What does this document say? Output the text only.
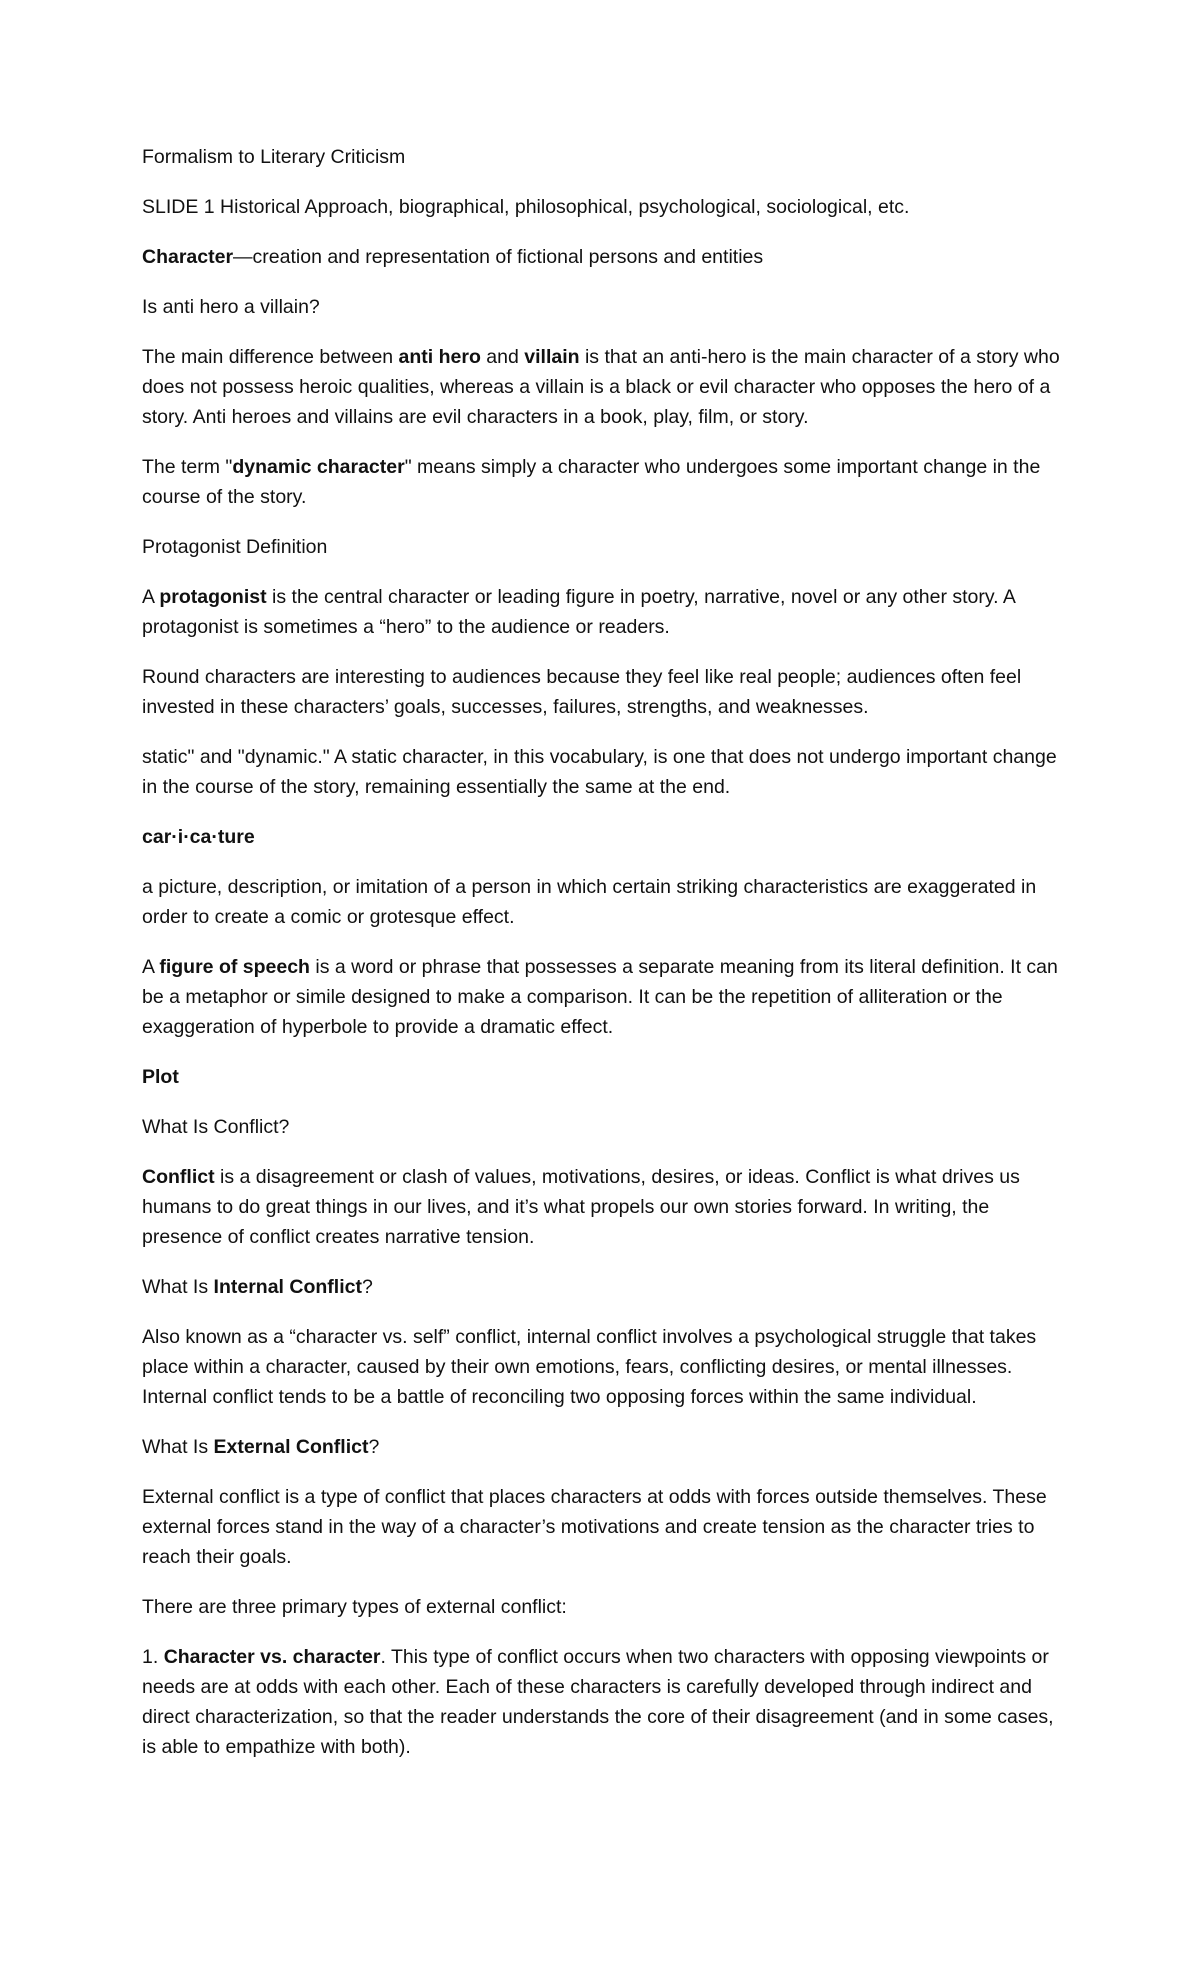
Formalism to Literary Criticism

SLIDE 1 Historical Approach, biographical, philosophical, psychological, sociological, etc.

Character—creation and representation of fictional persons and entities

Is anti hero a villain?

The main difference between anti hero and villain is that an anti-hero is the main character of a story who does not possess heroic qualities, whereas a villain is a black or evil character who opposes the hero of a story. Anti heroes and villains are evil characters in a book, play, film, or story.

The term "dynamic character" means simply a character who undergoes some important change in the course of the story.

Protagonist Definition

A protagonist is the central character or leading figure in poetry, narrative, novel or any other story. A protagonist is sometimes a “hero” to the audience or readers.

Round characters are interesting to audiences because they feel like real people; audiences often feel invested in these characters’ goals, successes, failures, strengths, and weaknesses.

static" and "dynamic." A static character, in this vocabulary, is one that does not undergo important change in the course of the story, remaining essentially the same at the end.

car·i·ca·ture

a picture, description, or imitation of a person in which certain striking characteristics are exaggerated in order to create a comic or grotesque effect.

A figure of speech is a word or phrase that possesses a separate meaning from its literal definition. It can be a metaphor or simile designed to make a comparison. It can be the repetition of alliteration or the exaggeration of hyperbole to provide a dramatic effect.

Plot

What Is Conflict?

Conflict is a disagreement or clash of values, motivations, desires, or ideas. Conflict is what drives us humans to do great things in our lives, and it’s what propels our own stories forward. In writing, the presence of conflict creates narrative tension.

What Is Internal Conflict?

Also known as a “character vs. self” conflict, internal conflict involves a psychological struggle that takes place within a character, caused by their own emotions, fears, conflicting desires, or mental illnesses. Internal conflict tends to be a battle of reconciling two opposing forces within the same individual.

What Is External Conflict?

External conflict is a type of conflict that places characters at odds with forces outside themselves. These external forces stand in the way of a character’s motivations and create tension as the character tries to reach their goals.

There are three primary types of external conflict:

1. Character vs. character. This type of conflict occurs when two characters with opposing viewpoints or needs are at odds with each other. Each of these characters is carefully developed through indirect and direct characterization, so that the reader understands the core of their disagreement (and in some cases, is able to empathize with both).
